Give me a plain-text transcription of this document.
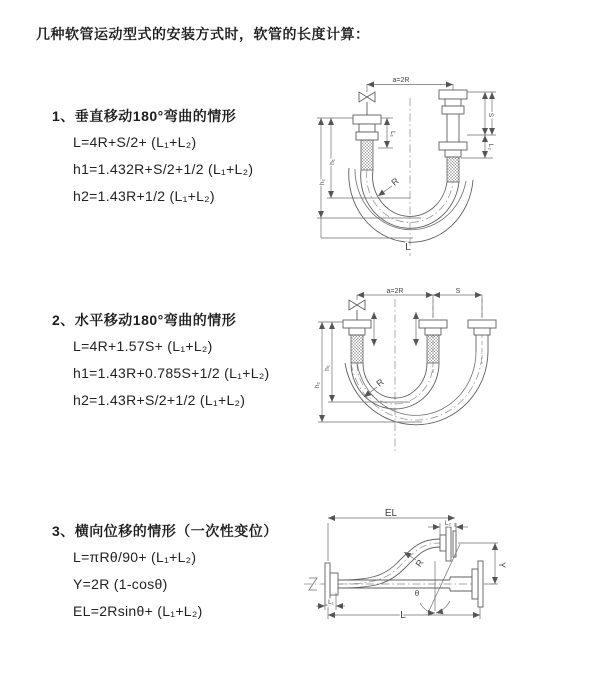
几种软管运动型式的安装方式时，软管的长度计算：
1、垂直移动180°弯曲的情形
L=4R+S/2+ (L₁+L₂)
h1=1.432R+S/2+1/2 (L₁+L₂)
h2=1.43R+1/2 (L₁+L₂)
2、水平移动180°弯曲的情形
L=4R+1.57S+ (L₁+L₂)
h1=1.43R+0.785S+1/2 (L₁+L₂)
h2=1.43R+S/2+1/2 (L₁+L₂)
3、横向位移的情形（一次性变位）
L=πRθ/90+ (L₁+L₂)
Y=2R (1-cosθ)
EL=2Rsinθ+ (L₁+L₂)
a=2R
S
L₂
L₁
h₁
h₂	R
L
a=2R	S
h₁
h₂	R
EL
L₂
Y
θ
R
L₁
L
